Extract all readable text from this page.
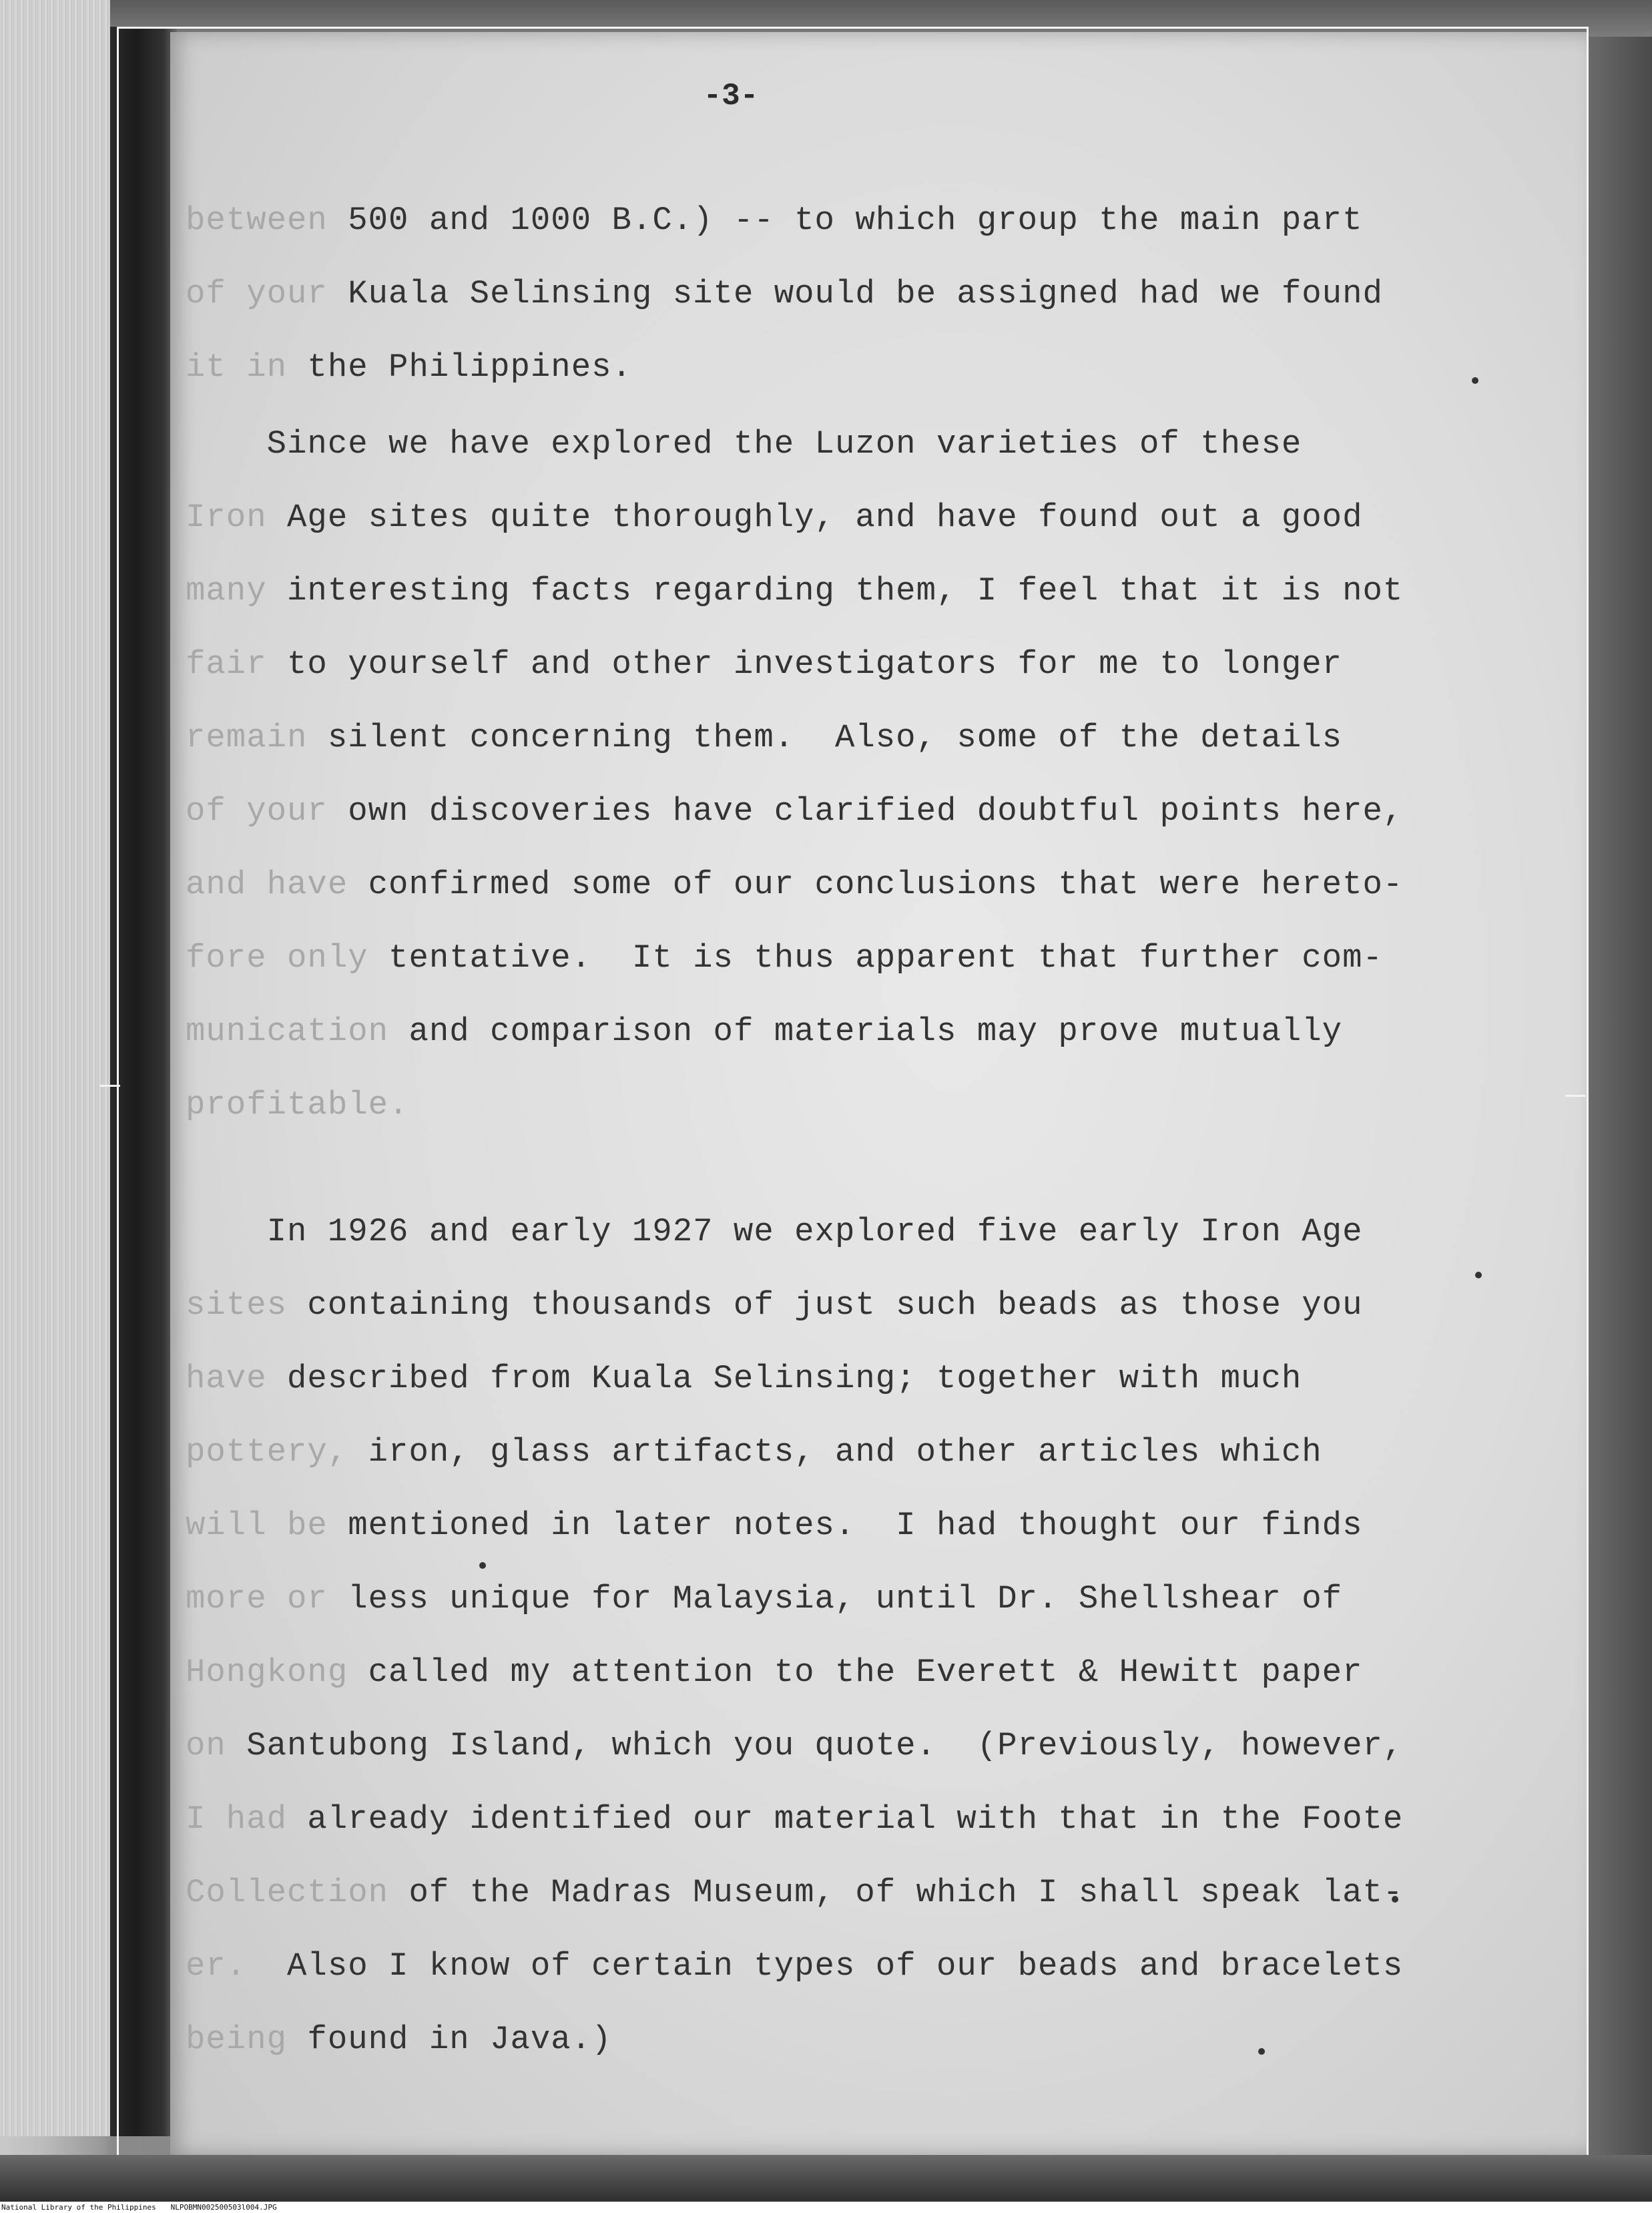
-3-
between 500 and 1000 B.C.) -- to which group the main part
of your Kuala Selinsing site would be assigned had we found
it in the Philippines.
Since we have explored the Luzon varieties of these
Iron Age sites quite thoroughly, and have found out a good
many interesting facts regarding them, I feel that it is not
fair to yourself and other investigators for me to longer
remain silent concerning them.  Also, some of the details
of your own discoveries have clarified doubtful points here,
and have confirmed some of our conclusions that were hereto-
fore only tentative.  It is thus apparent that further com-
munication and comparison of materials may prove mutually
profitable.
In 1926 and early 1927 we explored five early Iron Age
sites containing thousands of just such beads as those you
have described from Kuala Selinsing; together with much
pottery, iron, glass artifacts, and other articles which
will be mentioned in later notes.  I had thought our finds
more or less unique for Malaysia, until Dr. Shellshear of
Hongkong called my attention to the Everett & Hewitt paper
on Santubong Island, which you quote.  (Previously, however,
I had already identified our material with that in the Foote
Collection of the Madras Museum, of which I shall speak lat-
er.  Also I know of certain types of our beads and bracelets
being found in Java.)
National Library of the Philippines NLPOBMN002500503l004.JPG
